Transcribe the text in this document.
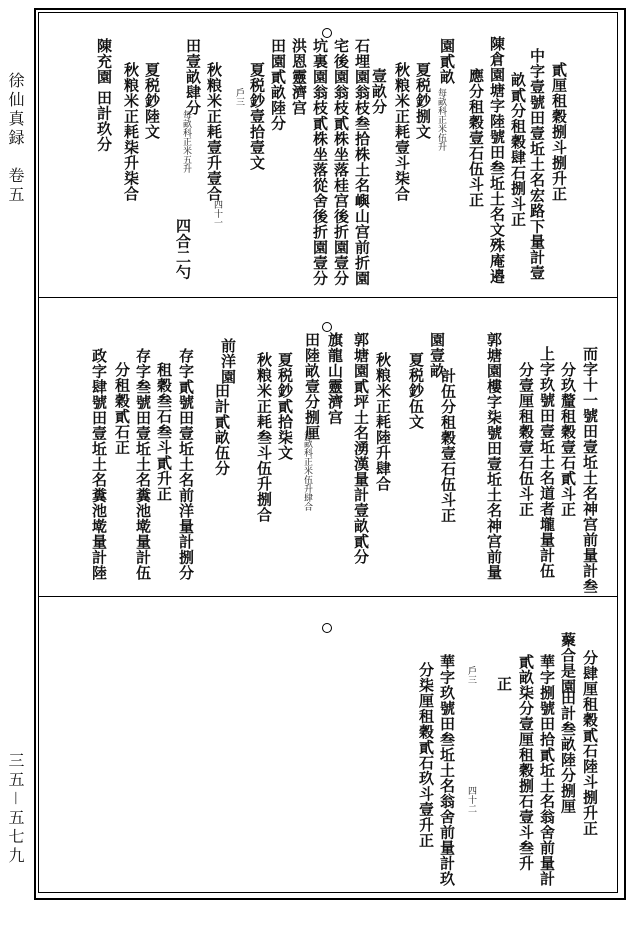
徐仙真録　卷五
三五－五七九
貳厘租穀捌斗捌升正
中字壹號田壹坵土名宏路下量計壹
畝貳分租穀肆石捌斗正
陳倉園塘字陸號田叁坵土名文殊庵邉
應分租穀壹石伍斗正
園貳畝
每畝科正米伍升
夏税鈔捌文
秋粮米正耗壹斗柒合
壹畝分
石埋園翁枝叁拾株土名嶼山宫前折園
宅後園翁枝貳株坐落桂宫後折園壹分
坑裏園翁枝貳株坐落從舍後折園壹分
洪恩靈濟宫
田園貳畝陸分
夏税鈔壹拾壹文
戶三
四十一
秋粮米正耗壹升壹合
田壹畝肆分
每畝科正米五升
四合二勺
夏税鈔陸文
秋粮米正耗柒升柒合
陳充園
田計玖分
而字十一號田壹坵土名神宫前量計叁
分玖釐租穀壹石貳斗正
上字玖號田壹坵土名道者壠量計伍
分壹厘租穀壹石伍斗正
郭塘園樓字柒號田壹坵土名神宫前量
計伍分租穀壹石伍斗正
園壹畝
夏税鈔伍文
秋粮米正耗陸升肆合
郭塘園貳坪土名湧漢量計壹畝貳分
旗龍山靈濟宫
田陸畝壹分捌厘
每畝科正米伍升肆合
夏税鈔貳拾柒文
秋粮米正耗叁斗伍升捌合
前洋園
田計貳畝伍分
存字貳號田壹坵土名前洋量計捌分
租穀叁石叁斗貳升正
存字叁號田壹坵土名糞池墘量計伍
分租穀貳石正
政字肆號田壹坵土名糞池墘量計陸
分肆厘租穀貳石陸斗捌升正
藂合是園
田計叁畝陸分捌厘
華字捌號田拾貳坵土名翁舍前量計
貳畝柒分壹厘租穀捌石壹斗叁升
正
戶三
四十二
華字玖號田叁坵土名翁舍前量計玖
分柒厘租穀貳石玖斗壹升正
